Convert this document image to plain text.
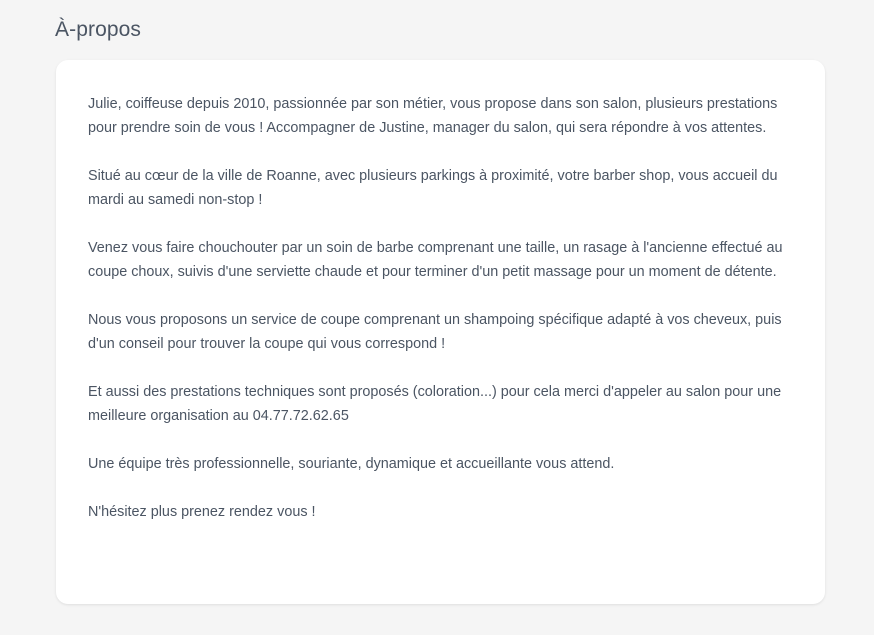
À-propos

Julie, coiffeuse depuis 2010, passionnée par son métier, vous propose dans son salon, plusieurs prestations pour prendre soin de vous ! Accompagner de Justine, manager du salon, qui sera répondre à vos attentes.

Situé au cœur de la ville de Roanne, avec plusieurs parkings à proximité, votre barber shop, vous accueil du mardi au samedi non-stop !

Venez vous faire chouchouter par un soin de barbe comprenant une taille, un rasage à l'ancienne effectué au coupe choux, suivis d'une serviette chaude et pour terminer d'un petit massage pour un moment de détente.

Nous vous proposons un service de coupe comprenant un shampoing spécifique adapté à vos cheveux, puis d'un conseil pour trouver la coupe qui vous correspond !

Et aussi des prestations techniques sont proposés (coloration...) pour cela merci d'appeler au salon pour une meilleure organisation au 04.77.72.62.65

Une équipe très professionnelle, souriante, dynamique et accueillante vous attend.

N'hésitez plus prenez rendez vous !
